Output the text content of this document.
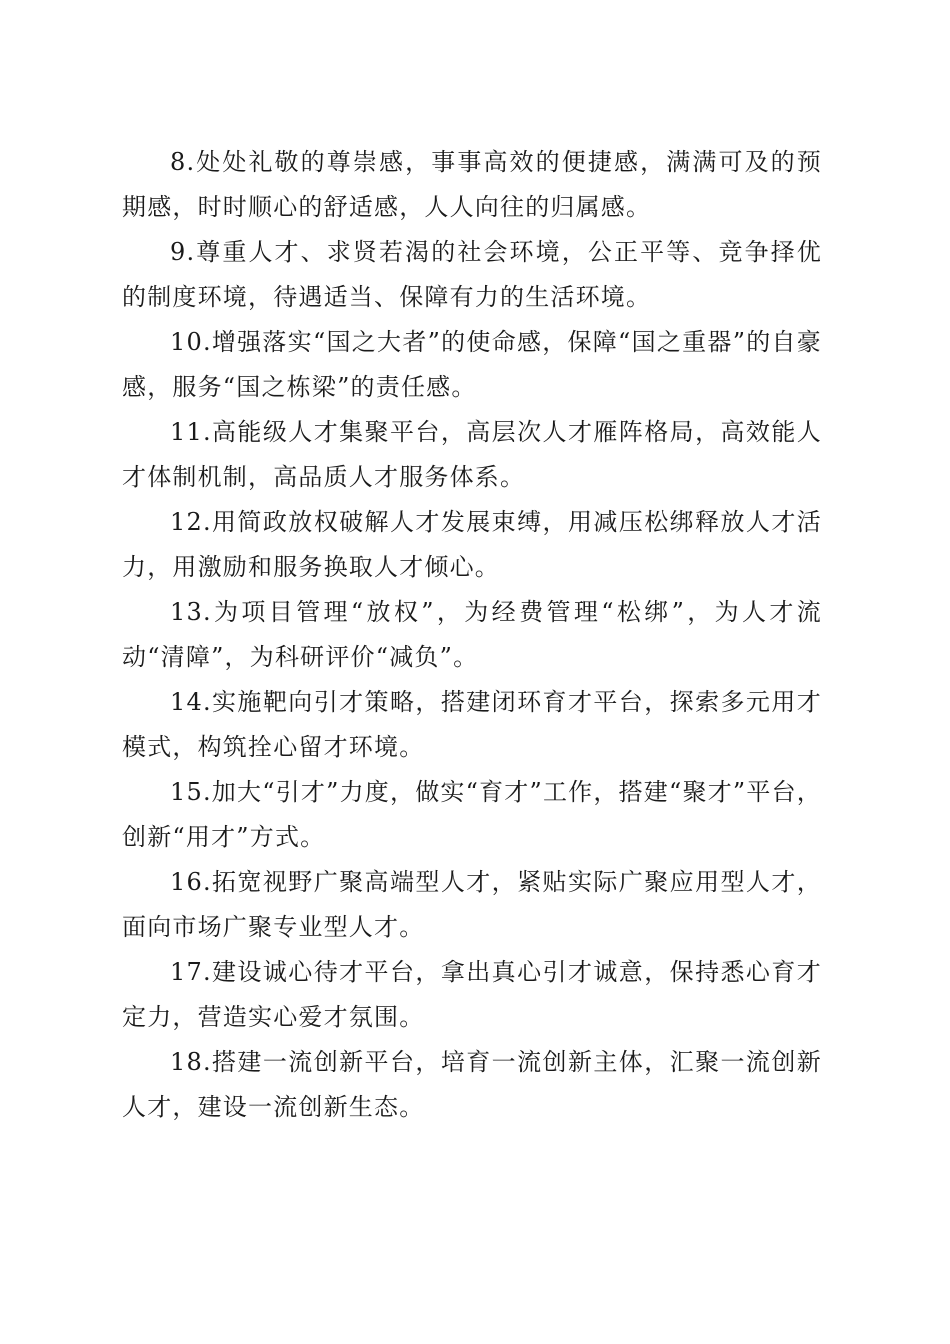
8.处处礼敬的尊崇感，事事高效的便捷感，满满可及的预期感，时时顺心的舒适感，人人向往的归属感。

9.尊重人才、求贤若渴的社会环境，公正平等、竞争择优的制度环境，待遇适当、保障有力的生活环境。

10.增强落实“国之大者”的使命感，保障“国之重器”的自豪感，服务“国之栋梁”的责任感。

11.高能级人才集聚平台，高层次人才雁阵格局，高效能人才体制机制，高品质人才服务体系。

12.用简政放权破解人才发展束缚，用减压松绑释放人才活力，用激励和服务换取人才倾心。

13.为项目管理“放权”，为经费管理“松绑”，为人才流动“清障”，为科研评价“减负”。

14.实施靶向引才策略，搭建闭环育才平台，探索多元用才模式，构筑拴心留才环境。

15.加大“引才”力度，做实“育才”工作，搭建“聚才”平台，创新“用才”方式。

16.拓宽视野广聚高端型人才，紧贴实际广聚应用型人才，面向市场广聚专业型人才。

17.建设诚心待才平台，拿出真心引才诚意，保持悉心育才定力，营造实心爱才氛围。

18.搭建一流创新平台，培育一流创新主体，汇聚一流创新人才，建设一流创新生态。
